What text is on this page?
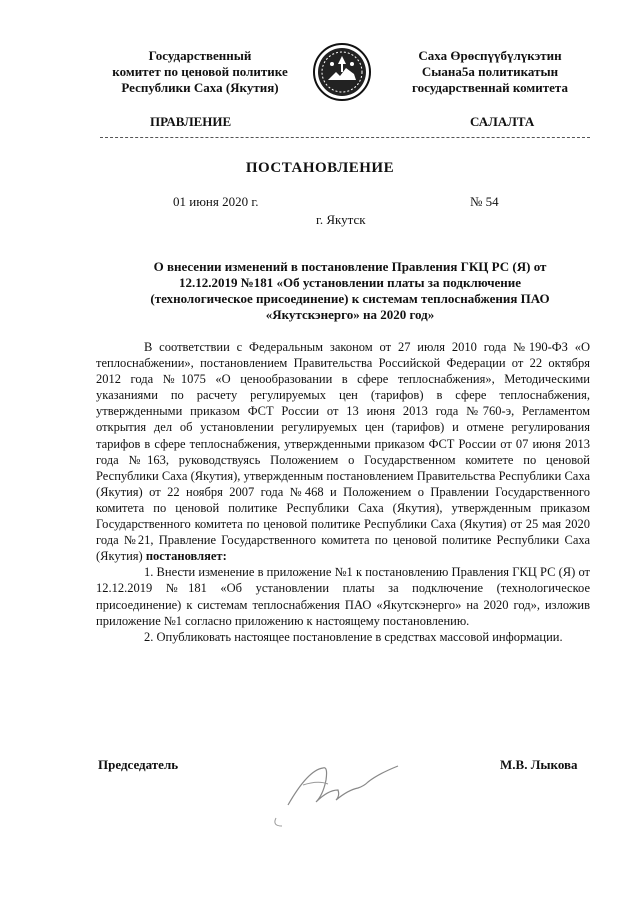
Государственный
комитет по ценовой политике
Республики Саха (Якутия)
Саха Өрөспүүбүлүкэтин
Сыана5а политикатын
государственнай комитета
ПРАВЛЕНИЕ	САЛАЛТА
ПОСТАНОВЛЕНИЕ
01 июня 2020 г.	№ 54
г. Якутск
О внесении изменений в постановление Правления ГКЦ РС (Я) от
12.12.2019 №181 «Об установлении платы за подключение
(технологическое присоединение) к системам теплоснабжения ПАО
«Якутскэнерго» на 2020 год»

В соответствии с Федеральным законом от 27 июля 2010 года №190-ФЗ «О теплоснабжении», постановлением Правительства Российской Федерации от 22 октября 2012 года №1075 «О ценообразовании в сфере теплоснабжения», Методическими указаниями по расчету регулируемых цен (тарифов) в сфере теплоснабжения, утвержденными приказом ФСТ России от 13 июня 2013 года №760-э, Регламентом открытия дел об установлении регулируемых цен (тарифов) и отмене регулирования тарифов в сфере теплоснабжения, утвержденными приказом ФСТ России от 07 июня 2013 года №163, руководствуясь Положением о Государственном комитете по ценовой Республики Саха (Якутия), утвержденным постановлением Правительства Республики Саха (Якутия) от 22 ноября 2007 года №468 и Положением о Правлении Государственного комитета по ценовой политике Республики Саха (Якутия), утвержденным приказом Государственного комитета по ценовой политике Республики Саха (Якутия) от 25 мая 2020 года №21, Правление Государственного комитета по ценовой политике Республики Саха (Якутия) постановляет:

1. Внести изменение в приложение №1 к постановлению Правления ГКЦ РС (Я) от 12.12.2019 №181 «Об установлении платы за подключение (технологическое присоединение) к системам теплоснабжения ПАО «Якутскэнерго» на 2020 год», изложив приложение №1 согласно приложению к настоящему постановлению.

2. Опубликовать настоящее постановление в средствах массовой информации.

Председатель	М.В. Лыкова
